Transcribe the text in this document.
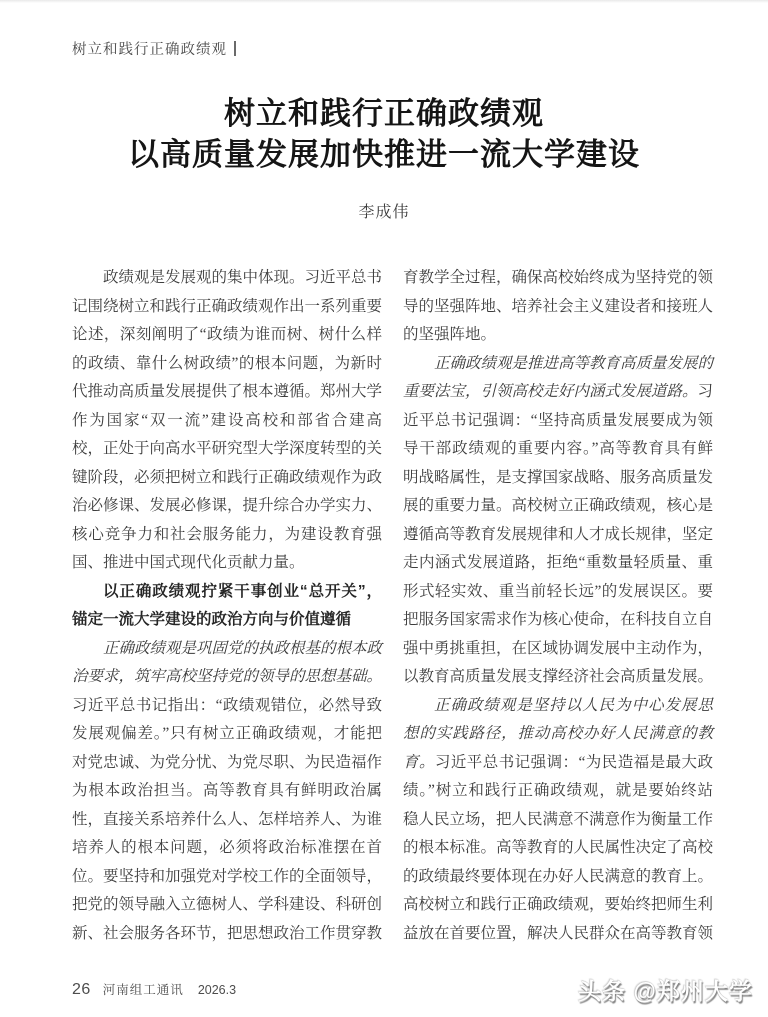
树立和践行正确政绩观
树立和践行正确政绩观
以高质量发展加快推进一流大学建设
李成伟
政绩观是发展观的集中体现。习近平总书
记围绕树立和践行正确政绩观作出一系列重要
论述，深刻阐明了“政绩为谁而树、树什么样
的政绩、靠什么树政绩”的根本问题，为新时
代推动高质量发展提供了根本遵循。郑州大学
作为国家“双一流”建设高校和部省合建高
校，正处于向高水平研究型大学深度转型的关
键阶段，必须把树立和践行正确政绩观作为政
治必修课、发展必修课，提升综合办学实力、
核心竞争力和社会服务能力，为建设教育强
国、推进中国式现代化贡献力量。
以正确政绩观拧紧干事创业“总开关”，
锚定一流大学建设的政治方向与价值遵循
正确政绩观是巩固党的执政根基的根本政
治要求，筑牢高校坚持党的领导的思想基础。
习近平总书记指出：“政绩观错位，必然导致
发展观偏差。”只有树立正确政绩观，才能把
对党忠诚、为党分忧、为党尽职、为民造福作
为根本政治担当。高等教育具有鲜明政治属
性，直接关系培养什么人、怎样培养人、为谁
培养人的根本问题，必须将政治标准摆在首
位。要坚持和加强党对学校工作的全面领导，
把党的领导融入立德树人、学科建设、科研创
新、社会服务各环节，把思想政治工作贯穿教
育教学全过程，确保高校始终成为坚持党的领
导的坚强阵地、培养社会主义建设者和接班人
的坚强阵地。
正确政绩观是推进高等教育高质量发展的
重要法宝，引领高校走好内涵式发展道路。习
近平总书记强调：“坚持高质量发展要成为领
导干部政绩观的重要内容。”高等教育具有鲜
明战略属性，是支撑国家战略、服务高质量发
展的重要力量。高校树立正确政绩观，核心是
遵循高等教育发展规律和人才成长规律，坚定
走内涵式发展道路，拒绝“重数量轻质量、重
形式轻实效、重当前轻长远”的发展误区。要
把服务国家需求作为核心使命，在科技自立自
强中勇挑重担，在区域协调发展中主动作为，
以教育高质量发展支撑经济社会高质量发展。
正确政绩观是坚持以人民为中心发展思
想的实践路径，推动高校办好人民满意的教
育。习近平总书记强调：“为民造福是最大政
绩。”树立和践行正确政绩观，就是要始终站
稳人民立场，把人民满意不满意作为衡量工作
的根本标准。高等教育的人民属性决定了高校
的政绩最终要体现在办好人民满意的教育上。
高校树立和践行正确政绩观，要始终把师生利
益放在首要位置，解决人民群众在高等教育领
26 河南组工通讯 2026.3	头条 @郑州大学
